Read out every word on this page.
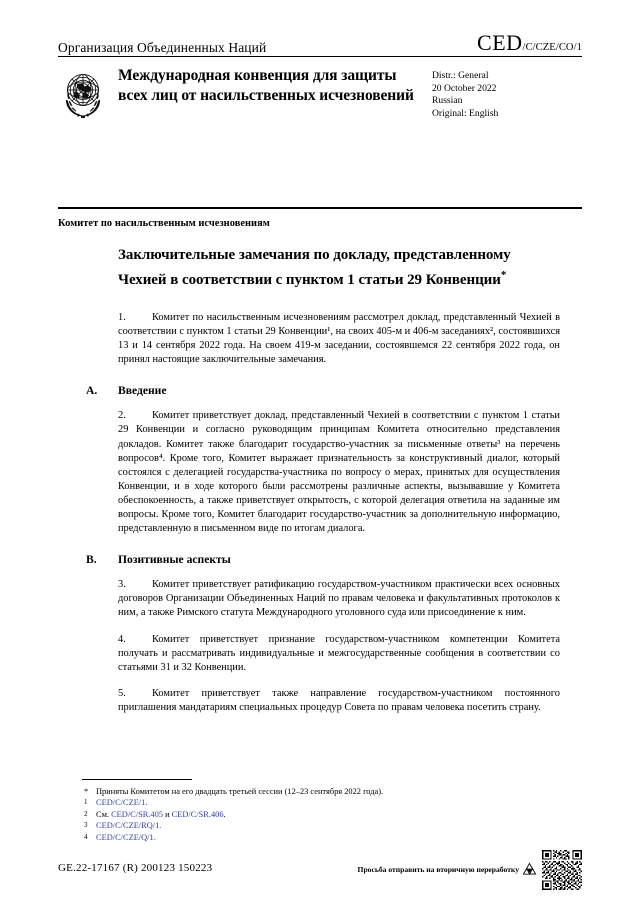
Организация Объединенных Наций	CED /C/CZE/CO/1
Международная конвенция для защиты всех лиц от насильственных исчезновений
Distr.: General
20 October 2022
Russian
Original: English
Комитет по насильственным исчезновениям
Заключительные замечания по докладу, представленному Чехией в соответствии с пунктом 1 статьи 29 Конвенции*

1.	Комитет по насильственным исчезновениям рассмотрел доклад, представленный Чехией в соответствии с пунктом 1 статьи 29 Конвенции¹, на своих 405-м и 406-м заседаниях², состоявшихся 13 и 14 сентября 2022 года. На своем 419-м заседании, состоявшемся 22 сентября 2022 года, он принял настоящие заключительные замечания.

A.	Введение

2.	Комитет приветствует доклад, представленный Чехией в соответствии с пунктом 1 статьи 29 Конвенции и согласно руководящим принципам Комитета относительно представления докладов. Комитет также благодарит государство-участник за письменные ответы³ на перечень вопросов⁴. Кроме того, Комитет выражает признательность за конструктивный диалог, который состоялся с делегацией государства-участника по вопросу о мерах, принятых для осуществления Конвенции, и в ходе которого были рассмотрены различные аспекты, вызывавшие у Комитета обеспокоенность, а также приветствует открытость, с которой делегация ответила на заданные им вопросы. Кроме того, Комитет благодарит государство-участник за дополнительную информацию, представленную в письменном виде по итогам диалога.

B.	Позитивные аспекты

3.	Комитет приветствует ратификацию государством-участником практически всех основных договоров Организации Объединенных Наций по правам человека и факультативных протоколов к ним, а также Римского статута Международного уголовного суда или присоединение к ним.

4.	Комитет приветствует признание государством-участником компетенции Комитета получать и рассматривать индивидуальные и межгосударственные сообщения в соответствии со статьями 31 и 32 Конвенции.

5.	Комитет приветствует также направление государством-участником постоянного приглашения мандатариям специальных процедур Совета по правам человека посетить страну.

* Приняты Комитетом на его двадцать третьей сессии (12–23 сентября 2022 года).
1	CED/C/CZE/1.
2	См. CED/C/SR.405 и CED/C/SR.406.
3	CED/C/CZE/RQ/1.
4	CED/C/CZE/Q/1.
GE.22-17167 (R) 200123 150223	Просьба отправить на вторичную переработку
